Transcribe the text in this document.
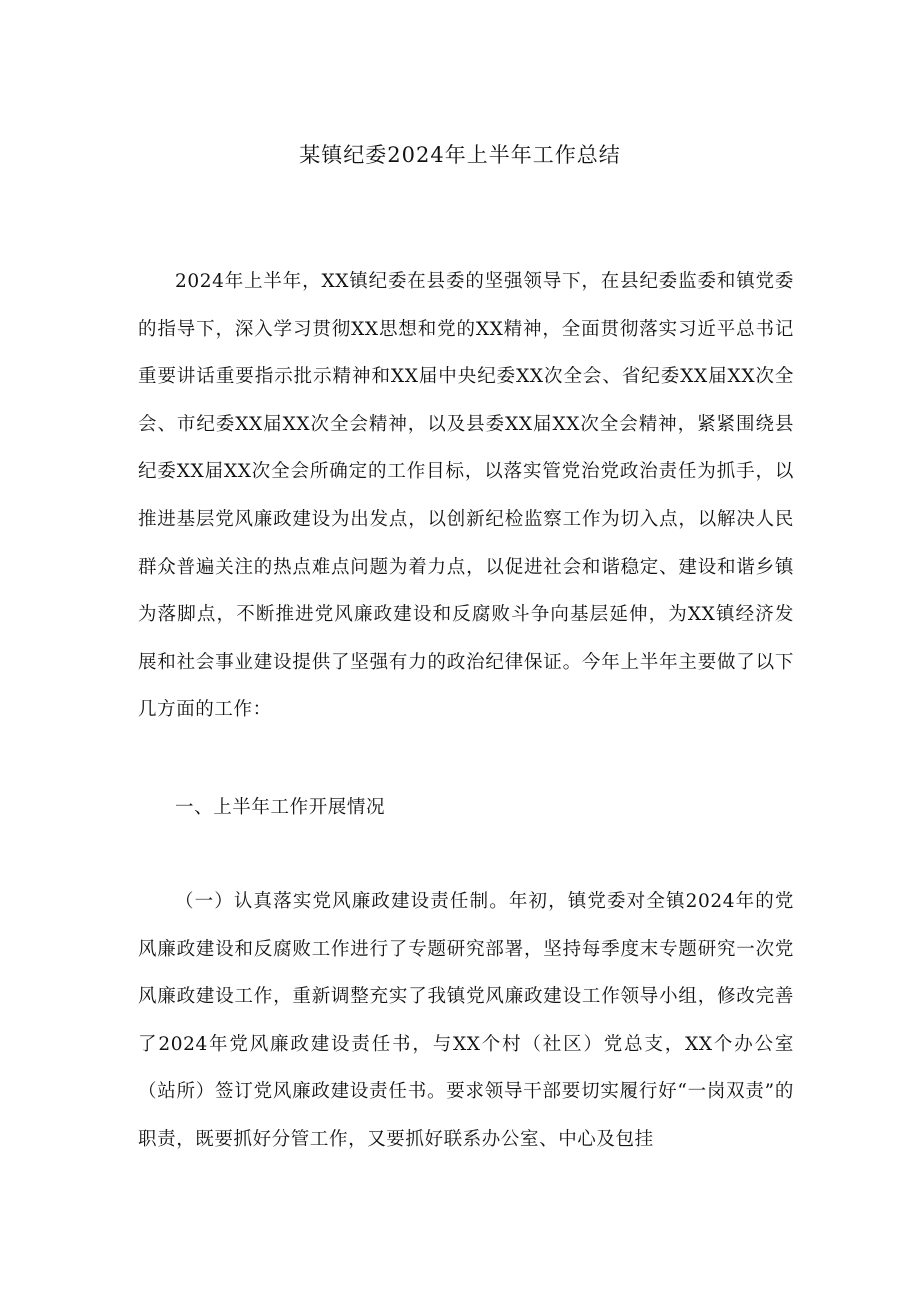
某镇纪委2024年上半年工作总结

2024年上半年，XX镇纪委在县委的坚强领导下，在县纪委监委和镇党委的指导下，深入学习贯彻XX思想和党的XX精神，全面贯彻落实习近平总书记重要讲话重要指示批示精神和XX届中央纪委XX次全会、省纪委XX届XX次全会、市纪委XX届XX次全会精神，以及县委XX届XX次全会精神，紧紧围绕县纪委XX届XX次全会所确定的工作目标，以落实管党治党政治责任为抓手，以推进基层党风廉政建设为出发点，以创新纪检监察工作为切入点，以解决人民群众普遍关注的热点难点问题为着力点，以促进社会和谐稳定、建设和谐乡镇为落脚点，不断推进党风廉政建设和反腐败斗争向基层延伸，为XX镇经济发展和社会事业建设提供了坚强有力的政治纪律保证。今年上半年主要做了以下几方面的工作：

一、上半年工作开展情况

（一）认真落实党风廉政建设责任制。年初，镇党委对全镇2024年的党风廉政建设和反腐败工作进行了专题研究部署，坚持每季度末专题研究一次党风廉政建设工作，重新调整充实了我镇党风廉政建设工作领导小组，修改完善了2024年党风廉政建设责任书，与XX个村（社区）党总支，XX个办公室（站所）签订党风廉政建设责任书。要求领导干部要切实履行好“一岗双责”的职责，既要抓好分管工作，又要抓好联系办公室、中心及包挂
